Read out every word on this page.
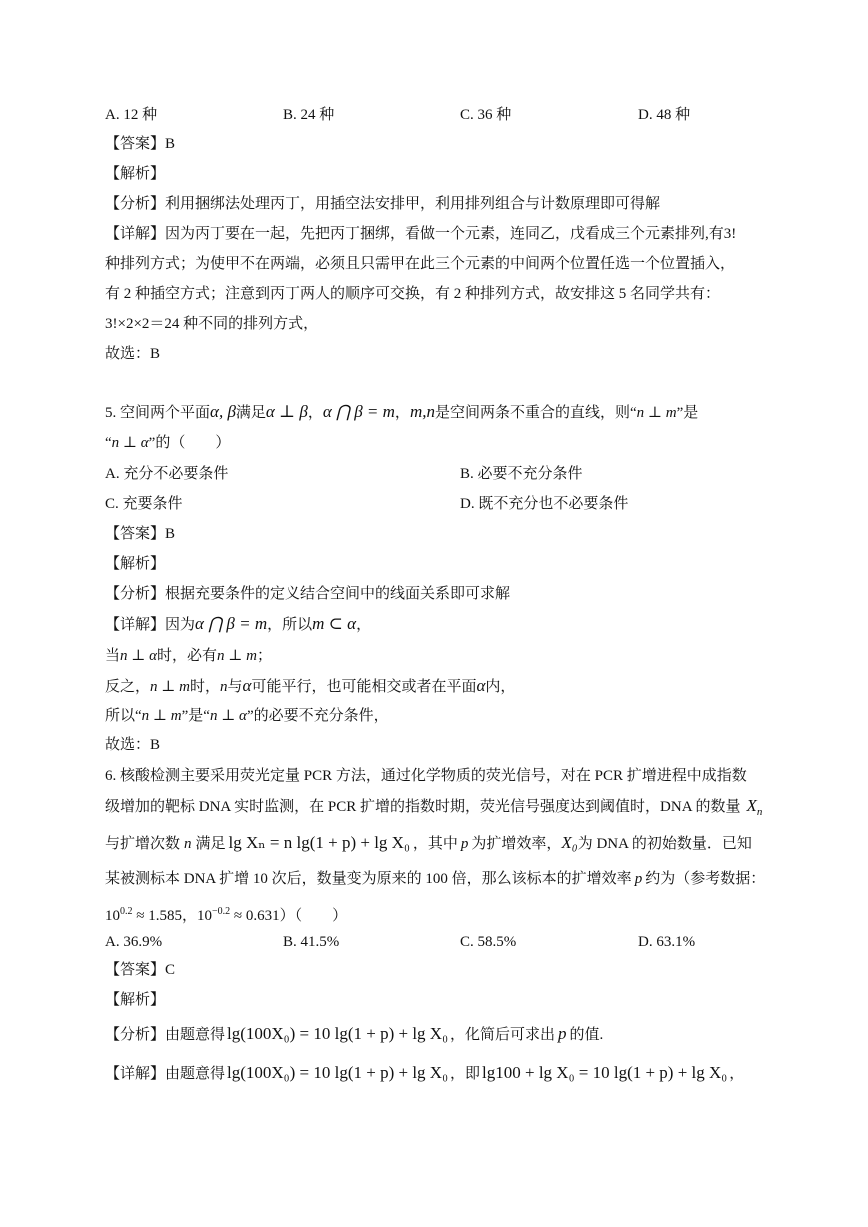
A. 12 种	B. 24 种	C. 36 种	D. 48 种
【答案】B
【解析】
【分析】利用捆绑法处理丙丁，用插空法安排甲，利用排列组合与计数原理即可得解
【详解】因为丙丁要在一起，先把丙丁捆绑，看做一个元素，连同乙，戊看成三个元素排列,有3!
种排列方式；为使甲不在两端，必须且只需甲在此三个元素的中间两个位置任选一个位置插入，
有 2 种插空方式；注意到丙丁两人的顺序可交换，有 2 种排列方式，故安排这 5 名同学共有：
3!×2×2＝24 种不同的排列方式，
故选：B
5. 空间两个平面α, β满足α ⊥ β，α ⋂ β = m，m,n是空间两条不重合的直线，则“n ⊥ m”是
“n ⊥ α”的（　　）
A. 充分不必要条件	B. 必要不充分条件
C. 充要条件	D. 既不充分也不必要条件
【答案】B
【解析】
【分析】根据充要条件的定义结合空间中的线面关系即可求解
【详解】因为α ⋂ β = m，所以m ⊂ α，
当n ⊥ α时，必有n ⊥ m；
反之，n ⊥ m时，n与α可能平行，也可能相交或者在平面α内，
所以“n ⊥ m”是“n ⊥ α”的必要不充分条件，
故选：B
6. 核酸检测主要采用荧光定量 PCR 方法，通过化学物质的荧光信号，对在 PCR 扩增进程中成指数
级增加的靶标 DNA 实时监测，在 PCR 扩增的指数时期，荧光信号强度达到阈值时，DNA 的数量 $X_n$
与扩增次数 n 满足 lg Xₙ = n lg(1 + p) + lg X₀ ，其中 p 为扩增效率，X₀为 DNA 的初始数量．已知
某被测标本 DNA 扩增 10 次后，数量变为原来的 100 倍，那么该标本的扩增效率 p 约为（参考数据：
$10^{0.2} \approx 1.585$，$10^{-0.2} \approx 0.631$）（　　）
A. 36.9%	B. 41.5%	C. 58.5%	D. 63.1%
【答案】C
【解析】
【分析】由题意得 lg(100X₀) = 10 lg(1 + p) + lg X₀ ，化简后可求出 p 的值.
【详解】由题意得 lg(100X₀) = 10 lg(1 + p) + lg X₀ ，即 lg100 + lg X₀ = 10 lg(1 + p) + lg X₀ ，
